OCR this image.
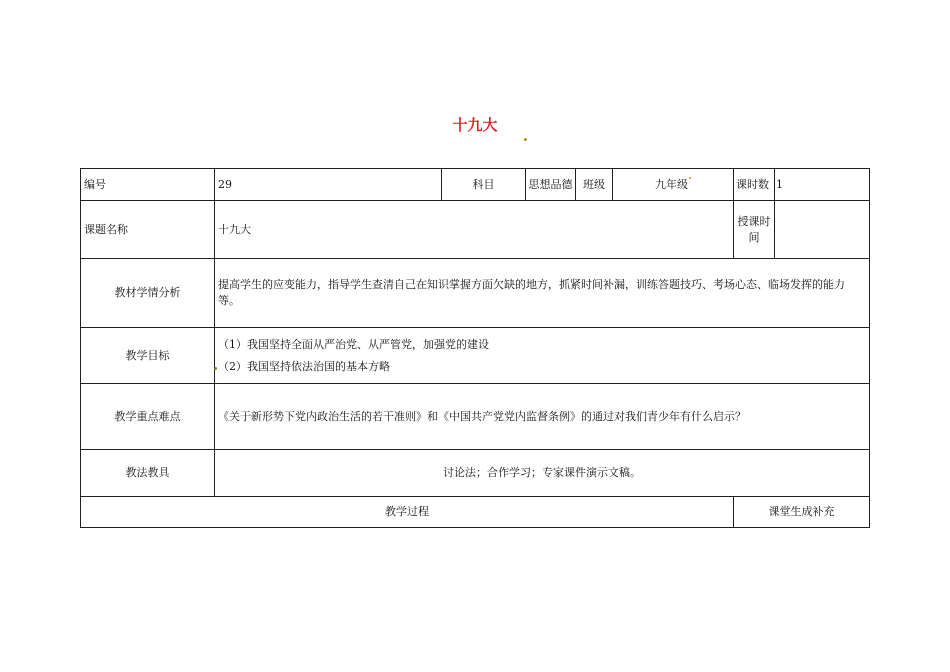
十九大
编号	29	科目	思想品德	班级	九年级	课时数	1
课题名称	十九大					授课时
间	

教材学情分析	提高学生的应变能力，指导学生查清自己在知识掌握方面欠缺的地方，抓紧时间补漏，训练答题技巧、考场心态、临场发挥的能力等。						
教学目标	（1）我国坚持全面从严治党、从严管党，加强党的建设
（2）我国坚持依法治国的基本方略						

教学重点难点	《关于新形势下党内政治生活的若干准则》和《中国共产党党内监督条例》的通过对我们青少年有什么启示？						
教法教具	讨论法；合作学习；专家课件演示文稿。						
教学过程						课堂生成补充	
